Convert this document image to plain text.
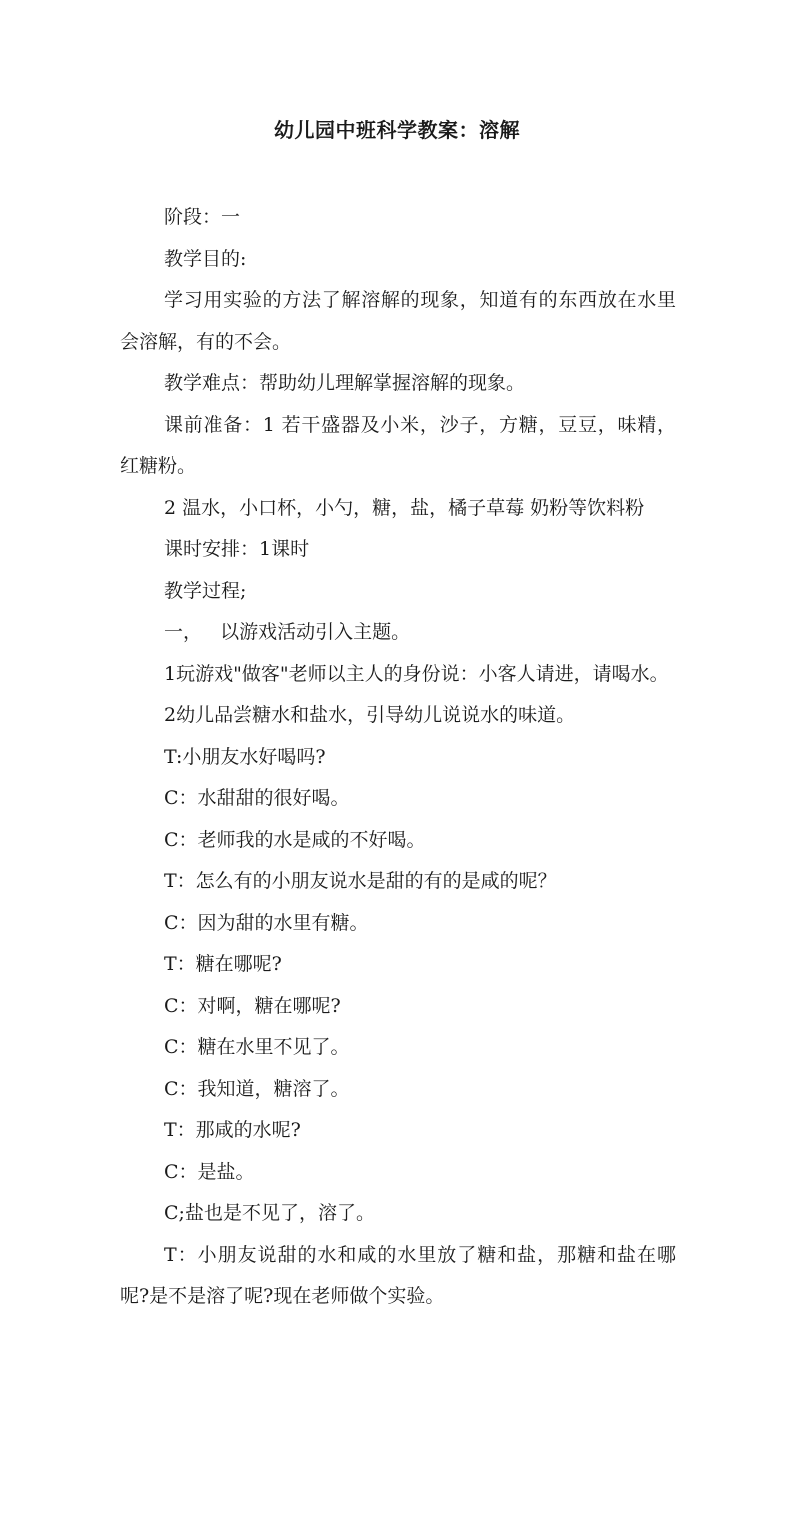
幼儿园中班科学教案：溶解

阶段：一

教学目的:

学习用实验的方法了解溶解的现象，知道有的东西放在水里会溶解，有的不会。

教学难点：帮助幼儿理解掌握溶解的现象。

课前准备：1 若干盛器及小米，沙子，方糖，豆豆，味精，红糖粉。

2 温水，小口杯，小勺，糖，盐，橘子草莓 奶粉等饮料粉

课时安排：1课时

教学过程;

一，   以游戏活动引入主题。

1玩游戏"做客"老师以主人的身份说：小客人请进，请喝水。

2幼儿品尝糖水和盐水，引导幼儿说说水的味道。

T:小朋友水好喝吗?

C：水甜甜的很好喝。

C：老师我的水是咸的不好喝。

T：怎么有的小朋友说水是甜的有的是咸的呢？

C：因为甜的水里有糖。

T：糖在哪呢?

C：对啊，糖在哪呢?

C：糖在水里不见了。

C：我知道，糖溶了。

T：那咸的水呢?

C：是盐。

C;盐也是不见了，溶了。

T：小朋友说甜的水和咸的水里放了糖和盐，那糖和盐在哪呢?是不是溶了呢?现在老师做个实验。
